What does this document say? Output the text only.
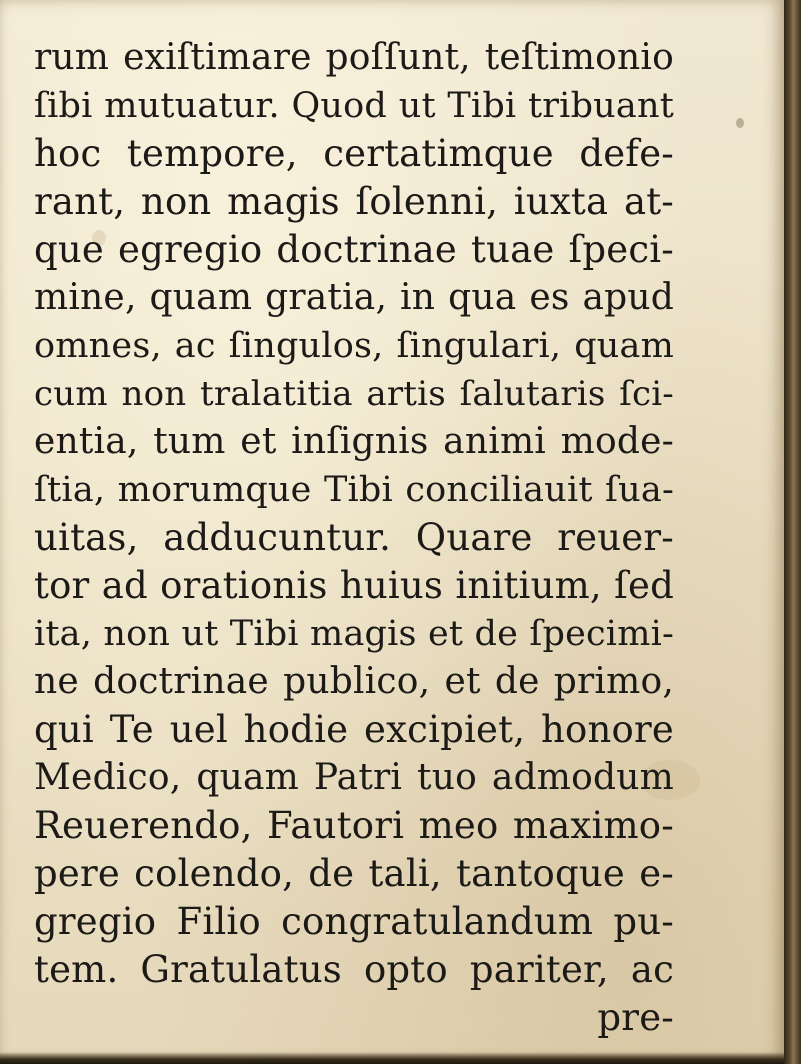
rum exiſtimare poſſunt, teſtimonio
ſibi mutuatur. Quod ut Tibi tribuant
hoc tempore, certatimque defe-
rant, non magis ſolenni, iuxta at-
que egregio doctrinae tuae ſpeci-
mine, quam gratia, in qua es apud
omnes, ac ſingulos, ſingulari, quam
cum non tralatitia artis ſalutaris ſci-
entia, tum et inſignis animi mode-
ſtia, morumque Tibi conciliauit ſua-
uitas, adducuntur. Quare reuer-
tor ad orationis huius initium, ſed
ita, non ut Tibi magis et de ſpecimi-
ne doctrinae publico, et de primo,
qui Te uel hodie excipiet, honore
Medico, quam Patri tuo admodum
Reuerendo, Fautori meo maximo-
pere colendo, de tali, tantoque e-
gregio Filio congratulandum pu-
tem. Gratulatus opto pariter, ac
pre-
